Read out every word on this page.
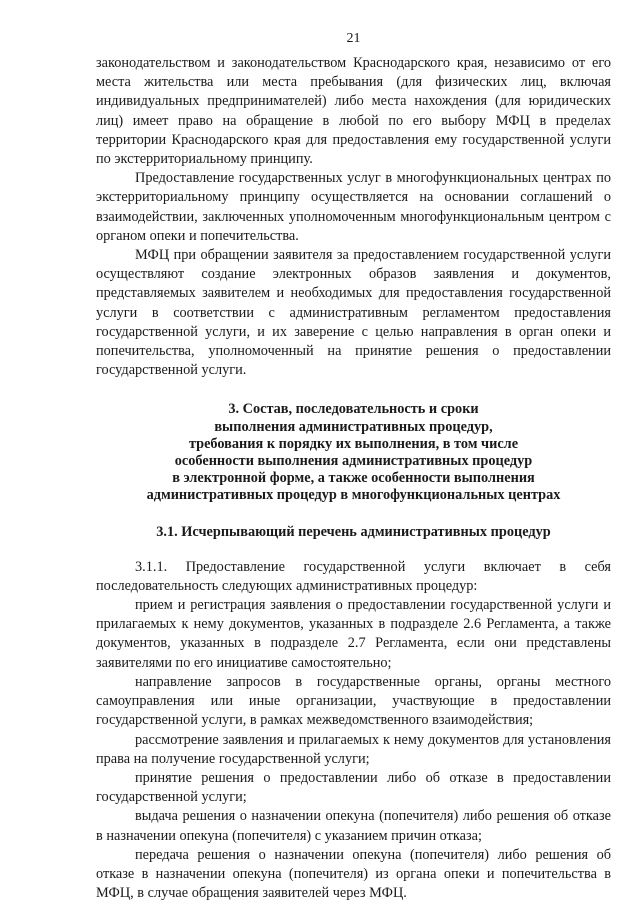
21

законодательством и законодательством Краснодарского края, независимо от его места жительства или места пребывания (для физических лиц, включая индивидуальных предпринимателей) либо места нахождения (для юридических лиц) имеет право на обращение в любой по его выбору МФЦ в пределах территории Краснодарского края для предоставления ему государственной услуги по экстерриториальному принципу.

Предоставление государственных услуг в многофункциональных центрах по экстерриториальному принципу осуществляется на основании соглашений о взаимодействии, заключенных уполномоченным многофункциональным центром с органом опеки и попечительства.

МФЦ при обращении заявителя за предоставлением государственной услуги осуществляют создание электронных образов заявления и документов, представляемых заявителем и необходимых для предоставления государственной услуги в соответствии с административным регламентом предоставления государственной услуги, и их заверение с целью направления в орган опеки и попечительства, уполномоченный на принятие решения о предоставлении государственной услуги.

3. Состав, последовательность и сроки
выполнения административных процедур,
требования к порядку их выполнения, в том числе
особенности выполнения административных процедур
в электронной форме, а также особенности выполнения
административных процедур в многофункциональных центрах
3.1. Исчерпывающий перечень административных процедур

3.1.1. Предоставление государственной услуги включает в себя последовательность следующих административных процедур:

прием и регистрация заявления о предоставлении государственной услуги и прилагаемых к нему документов, указанных в подразделе 2.6 Регламента, а также документов, указанных в подразделе 2.7 Регламента, если они представлены заявителями по его инициативе самостоятельно;

направление запросов в государственные органы, органы местного самоуправления или иные организации, участвующие в предоставлении государственной услуги, в рамках межведомственного взаимодействия;

рассмотрение заявления и прилагаемых к нему документов для установления права на получение государственной услуги;

принятие решения о предоставлении либо об отказе в предоставлении государственной услуги;

выдача решения о назначении опекуна (попечителя) либо решения об отказе в назначении опекуна (попечителя) с указанием причин отказа;

передача решения о назначении опекуна (попечителя) либо решения об отказе в назначении опекуна (попечителя) из органа опеки и попечительства в МФЦ, в случае обращения заявителей через МФЦ.
